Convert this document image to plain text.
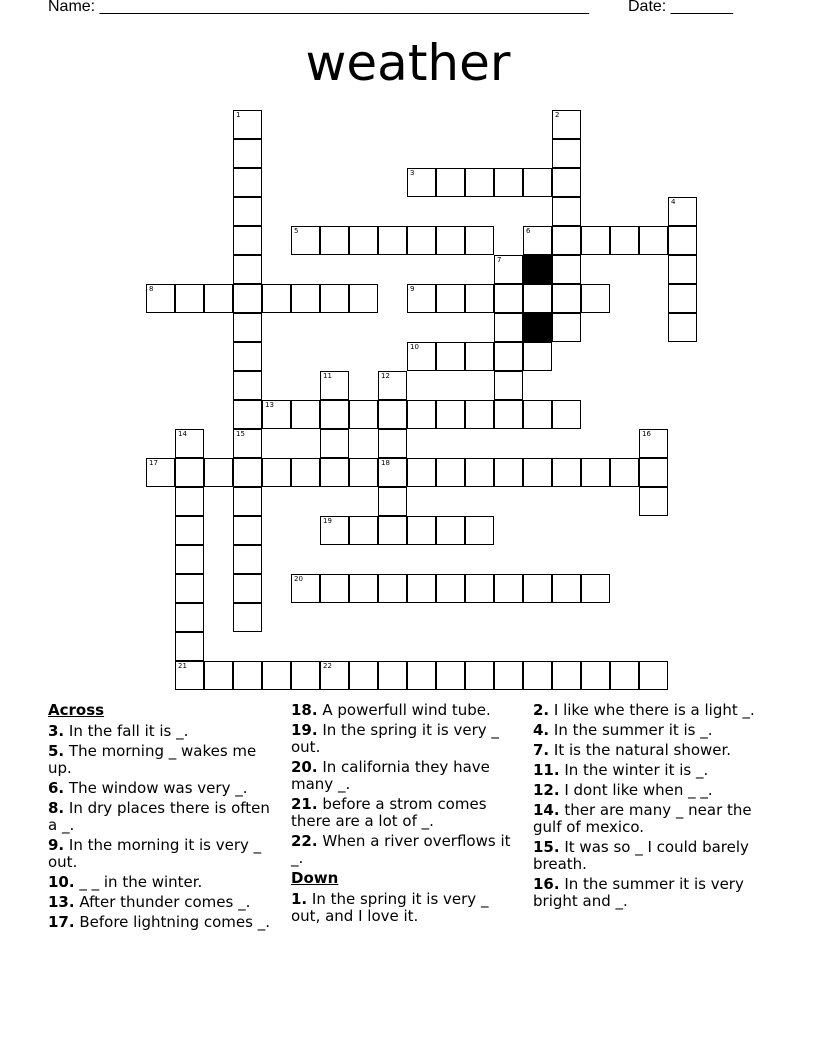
Name: _______________________________________________________ Date: _______
weather
1	2
3
4
5	6
7
8	9
10
11	12
18
13
14
21
15	16
17
19
20
22
Across
3. In the fall it is _.
5. The morning _ wakes me up.
6. The window was very _.
8. In dry places there is often a _.
9. In the morning it is very _ out.
10. _ _ in the winter.
13. After thunder comes _.
17. Before lightning comes _.
18. A powerfull wind tube.
19. In the spring it is very _ out.
20. In california they have many _.
21. before a strom comes there are a lot of _.
22. When a river overflows it _.
Down
1. In the spring it is very _ out, and I love it.
2. I like whe there is a light _.
4. In the summer it is _.
7. It is the natural shower.
11. In the winter it is _.
12. I dont like when _ _.
14. ther are many _ near the gulf of mexico.
15. It was so _ I could barely breath.
16. In the summer it is very bright and _.
